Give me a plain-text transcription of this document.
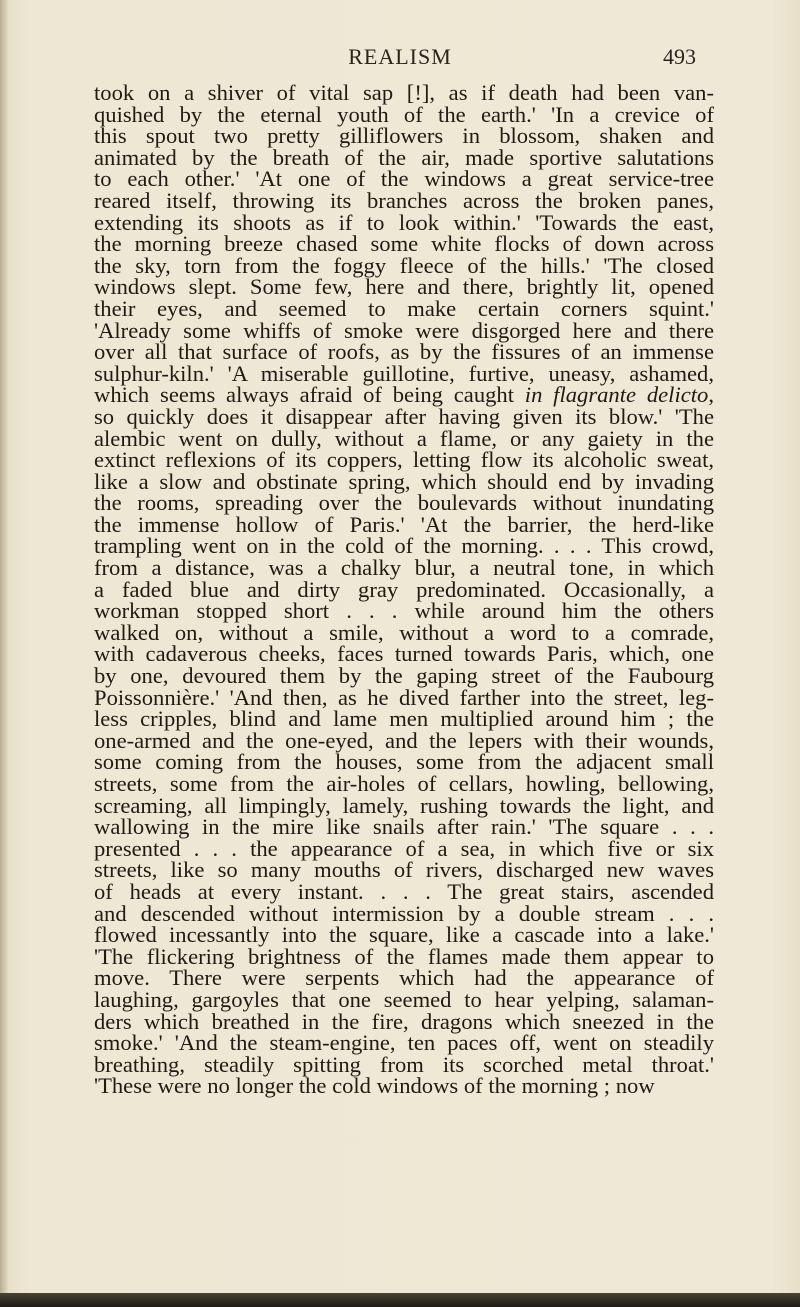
REALISM	493
took on a shiver of vital sap [!], as if death had been van-
quished by the eternal youth of the earth.' 'In a crevice of
this spout two pretty gilliflowers in blossom, shaken and
animated by the breath of the air, made sportive salutations
to each other.' 'At one of the windows a great service-tree
reared itself, throwing its branches across the broken panes,
extending its shoots as if to look within.' 'Towards the east,
the morning breeze chased some white flocks of down across
the sky, torn from the foggy fleece of the hills.' 'The closed
windows slept. Some few, here and there, brightly lit, opened
their eyes, and seemed to make certain corners squint.'
'Already some whiffs of smoke were disgorged here and there
over all that surface of roofs, as by the fissures of an immense
sulphur-kiln.' 'A miserable guillotine, furtive, uneasy, ashamed,
which seems always afraid of being caught in flagrante delicto,
so quickly does it disappear after having given its blow.' 'The
alembic went on dully, without a flame, or any gaiety in the
extinct reflexions of its coppers, letting flow its alcoholic sweat,
like a slow and obstinate spring, which should end by invading
the rooms, spreading over the boulevards without inundating
the immense hollow of Paris.' 'At the barrier, the herd-like
trampling went on in the cold of the morning. . . . This crowd,
from a distance, was a chalky blur, a neutral tone, in which
a faded blue and dirty gray predominated. Occasionally, a
workman stopped short . . . while around him the others
walked on, without a smile, without a word to a comrade,
with cadaverous cheeks, faces turned towards Paris, which, one
by one, devoured them by the gaping street of the Faubourg
Poissonnière.' 'And then, as he dived farther into the street, leg-
less cripples, blind and lame men multiplied around him ; the
one-armed and the one-eyed, and the lepers with their wounds,
some coming from the houses, some from the adjacent small
streets, some from the air-holes of cellars, howling, bellowing,
screaming, all limpingly, lamely, rushing towards the light, and
wallowing in the mire like snails after rain.' 'The square . . .
presented . . . the appearance of a sea, in which five or six
streets, like so many mouths of rivers, discharged new waves
of heads at every instant. . . . The great stairs, ascended
and descended without intermission by a double stream . . .
flowed incessantly into the square, like a cascade into a lake.'
'The flickering brightness of the flames made them appear to
move. There were serpents which had the appearance of
laughing, gargoyles that one seemed to hear yelping, salaman-
ders which breathed in the fire, dragons which sneezed in the
smoke.' 'And the steam-engine, ten paces off, went on steadily
breathing, steadily spitting from its scorched metal throat.'
'These were no longer the cold windows of the morning ; now
